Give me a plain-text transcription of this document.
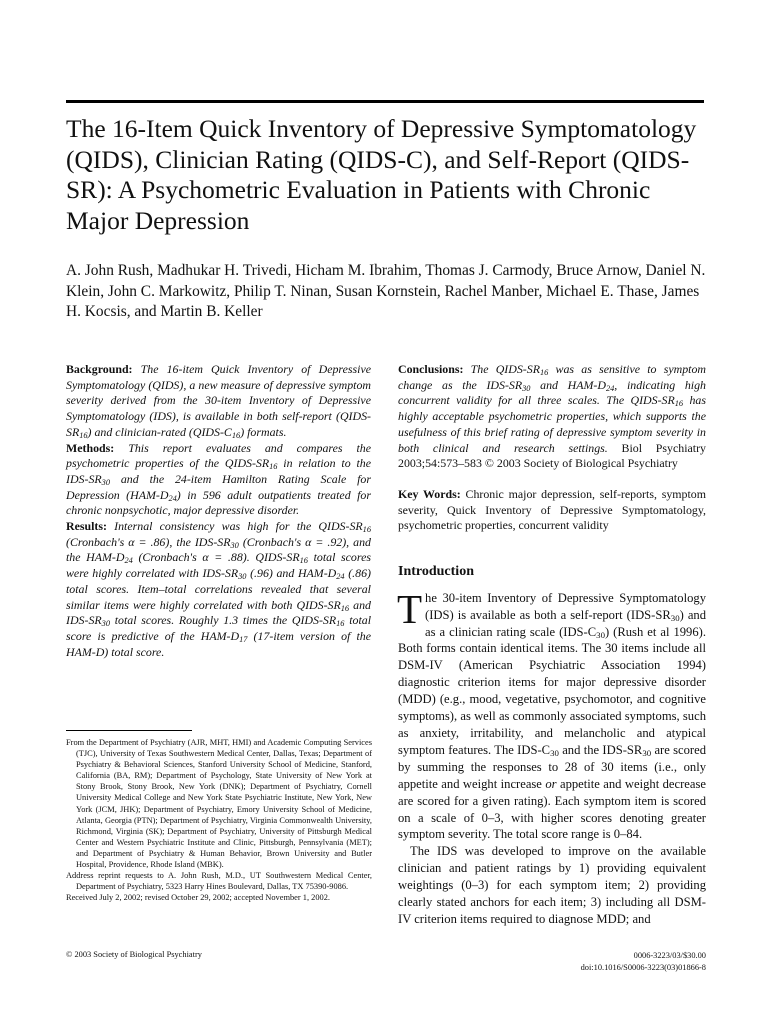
The 16-Item Quick Inventory of Depressive Symptomatology (QIDS), Clinician Rating (QIDS-C), and Self-Report (QIDS-SR): A Psychometric Evaluation in Patients with Chronic Major Depression

A. John Rush, Madhukar H. Trivedi, Hicham M. Ibrahim, Thomas J. Carmody, Bruce Arnow, Daniel N. Klein, John C. Markowitz, Philip T. Ninan, Susan Kornstein, Rachel Manber, Michael E. Thase, James H. Kocsis, and Martin B. Keller

Background: The 16-item Quick Inventory of Depressive Symptomatology (QIDS), a new measure of depressive symptom severity derived from the 30-item Inventory of Depressive Symptomatology (IDS), is available in both self-report $(QIDS-SR_{16})$ and clinician-rated $(QIDS-C_{16})$ formats.

Methods: This report evaluates and compares the psychometric properties of the QIDS-$SR_{16}$ in relation to the IDS-$SR_{30}$ and the 24-item Hamilton Rating Scale for Depression $(HAM-D_{24})$ in 596 adult outpatients treated for chronic nonpsychotic, major depressive disorder.

Results: Internal consistency was high for the QIDS-$SR_{16}$ (Cronbach's α = .86), the IDS-$SR_{30}$ (Cronbach's α = .92), and the HAM-$D_{24}$ (Cronbach's α = .88). QIDS-$SR_{16}$ total scores were highly correlated with IDS-$SR_{30}$ (.96) and HAM-$D_{24}$ (.86) total scores. Item–total correlations revealed that several similar items were highly correlated with both QIDS-$SR_{16}$ and IDS-$SR_{30}$ total scores. Roughly 1.3 times the QIDS-$SR_{16}$ total score is predictive of the HAM-$D_{17}$ (17-item version of the HAM-D) total score.

Conclusions: The QIDS-$SR_{16}$ was as sensitive to symptom change as the IDS-$SR_{30}$ and HAM-$D_{24}$, indicating high concurrent validity for all three scales. The QIDS-$SR_{16}$ has highly acceptable psychometric properties, which supports the usefulness of this brief rating of depressive symptom severity in both clinical and research settings. Biol Psychiatry 2003;54:573–583 © 2003 Society of Biological Psychiatry

Key Words: Chronic major depression, self-reports, symptom severity, Quick Inventory of Depressive Symptomatology, psychometric properties, concurrent validity

Introduction

The 30-item Inventory of Depressive Symptomatology (IDS) is available as both a self-report $(IDS-SR_{30})$ and as a clinician rating scale $(IDS-C_{30})$ (Rush et al 1996). Both forms contain identical items. The 30 items include all DSM-IV (American Psychiatric Association 1994) diagnostic criterion items for major depressive disorder (MDD) (e.g., mood, vegetative, psychomotor, and cognitive symptoms), as well as commonly associated symptoms, such as anxiety, irritability, and melancholic and atypical symptom features. The IDS-$C_{30}$ and the IDS-$SR_{30}$ are scored by summing the responses to 28 of 30 items (i.e., only appetite and weight increase or appetite and weight decrease are scored for a given rating). Each symptom item is scored on a scale of 0–3, with higher scores denoting greater symptom severity. The total score range is 0–84.

The IDS was developed to improve on the available clinician and patient ratings by 1) providing equivalent weightings (0–3) for each symptom item; 2) providing clearly stated anchors for each item; 3) including all DSM-IV criterion items required to diagnose MDD; and

From the Department of Psychiatry (AJR, MHT, HMI) and Academic Computing Services (TJC), University of Texas Southwestern Medical Center, Dallas, Texas; Department of Psychiatry & Behavioral Sciences, Stanford University School of Medicine, Stanford, California (BA, RM); Department of Psychology, State University of New York at Stony Brook, Stony Brook, New York (DNK); Department of Psychiatry, Cornell University Medical College and New York State Psychiatric Institute, New York, New York (JCM, JHK); Department of Psychiatry, Emory University School of Medicine, Atlanta, Georgia (PTN); Department of Psychiatry, Virginia Commonwealth University, Richmond, Virginia (SK); Department of Psychiatry, University of Pittsburgh Medical Center and Western Psychiatric Institute and Clinic, Pittsburgh, Pennsylvania (MET); and Department of Psychiatry & Human Behavior, Brown University and Butler Hospital, Providence, Rhode Island (MBK).

Address reprint requests to A. John Rush, M.D., UT Southwestern Medical Center, Department of Psychiatry, 5323 Harry Hines Boulevard, Dallas, TX 75390-9086.

Received July 2, 2002; revised October 29, 2002; accepted November 1, 2002.

© 2003 Society of Biological Psychiatry	0006-3223/03/$30.00
doi:10.1016/S0006-3223(03)01866-8
